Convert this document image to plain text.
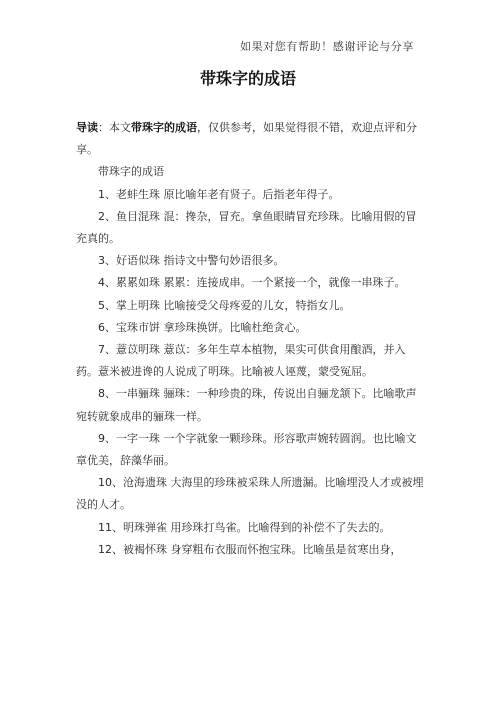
如果对您有帮助！感谢评论与分享
带珠字的成语

导读：本文带珠字的成语，仅供参考，如果觉得很不错，欢迎点评和分享。

带珠字的成语

1、老蚌生珠 原比喻年老有贤子。后指老年得子。

2、鱼目混珠 混：搀杂，冒充。拿鱼眼睛冒充珍珠。比喻用假的冒充真的。

3、好语似珠 指诗文中警句妙语很多。

4、累累如珠 累累：连接成串。一个紧接一个，就像一串珠子。

5、掌上明珠 比喻接受父母疼爱的儿女，特指女儿。

6、宝珠市饼 拿珍珠换饼。比喻杜绝贪心。

7、薏苡明珠 薏苡：多年生草本植物，果实可供食用酿酒，并入药。薏米被进谗的人说成了明珠。比喻被人诬蔑，蒙受冤屈。

8、一串骊珠 骊珠：一种珍贵的珠，传说出自骊龙颔下。比喻歌声宛转就象成串的骊珠一样。

9、一字一珠 一个字就象一颗珍珠。形容歌声婉转圆润。也比喻文章优美，辞藻华丽。

10、沧海遗珠 大海里的珍珠被采珠人所遗漏。比喻埋没人才或被埋没的人才。

11、明珠弹雀 用珍珠打鸟雀。比喻得到的补偿不了失去的。

12、被褐怀珠 身穿粗布衣服而怀抱宝珠。比喻虽是贫寒出身，
